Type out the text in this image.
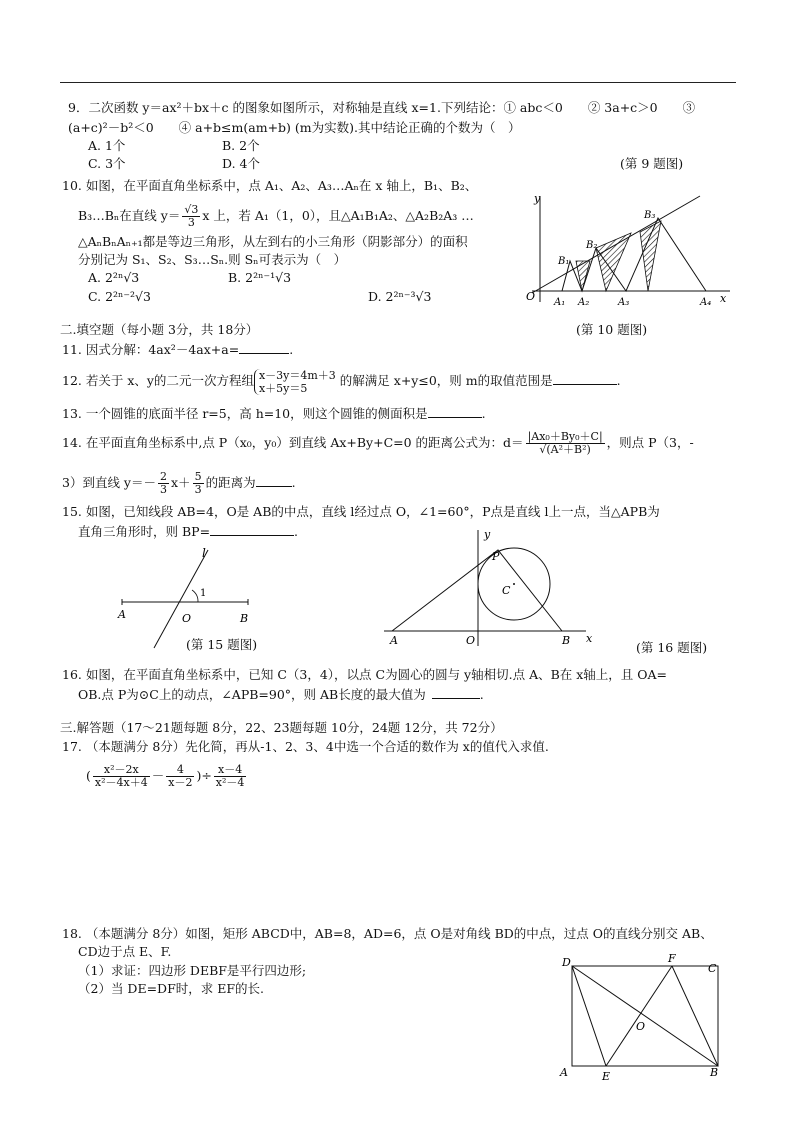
9．二次函数 y＝ax²＋bx＋c 的图象如图所示，对称轴是直线 x=1.下列结论：① abc＜0　　② 3a+c＞0　　③
(a+c)²－b²＜0　　④ a+b≤m(am+b) (m为实数).其中结论正确的个数为（　）
A. 1个	B. 2个
C. 3个	D. 4个	(第 9 题图)
10. 如图，在平面直角坐标系中，点 A₁、A₂、A₃…Aₙ在 x 轴上，B₁、B₂、
B₃…Bₙ在直线 $y= \frac{√3}{3}$ x 上，若 A₁（1，0），且△A₁B₁A₂、△A₂B₂A₃ …
△AₙBₙAₙ₊₁都是等边三角形，从左到右的小三角形（阴影部分）的面积
分别记为 S₁、S₂、S₃…Sₙ.则 Sₙ可表示为（　）
A. 2²ⁿ√3	B. 2²ⁿ⁻¹√3
C. 2²ⁿ⁻²√3	D. 2²ⁿ⁻³√3
(第 10 题图)
y
x
O A₁ A₂	A₃	A₄
B₁
B₂
B₃
二.填空题（每小题 3分，共 18分）
11. 因式分解：4ax²－4ax+a=	.
12. 若关于 x、y的二元一次方程组 x－3y＝4m＋3
x＋5y＝5	的解满足 x+y≤0，则 m的取值范围是	.
13. 一个圆锥的底面半径 r=5，高 h=10，则这个圆锥的侧面积是	.
14. 在平面直角坐标系中,点 P（x₀，y₀）到直线 Ax+By+C=0 的距离公式为：$d= \frac{\text{|Ax₀＋By₀＋C|}}{\text{√(A²＋B²)}}$ ，则点 P（3，-
3）到直线 $y=- \frac{2}{3} x+ \frac{5}{3}$ 的距离为	.
15. 如图，已知线段 AB=4，O是 AB的中点，直线 l经过点 O，∠1=60°，P点是直线 l上一点，当△APB为
直角三角形时，则 BP=	.
l
1
A	O	B
(第 15 题图)
y
x
P
C
A	O	B	(第 16 题图)
16. 如图，在平面直角坐标系中，已知 C（3，4），以点 C为圆心的圆与 y轴相切.点 A、B在 x轴上，且 OA=
OB.点 P为⊙C上的动点，∠APB=90°，则 AB长度的最大值为	.
三.解答题（17～21题每题 8分，22、23题每题 10分，24题 12分，共 72分）
17. （本题满分 8分）先化简，再从-1、2、3、4中选一个合适的数作为 x的值代入求值.
( $\frac{\text{x²－2x}}{\text{x²－4x＋4}} - \frac{4}{x-2}$ )÷ $\frac{x-4}{\text{x²－4}}$
18. （本题满分 8分）如图，矩形 ABCD中，AB=8，AD=6，点 O是对角线 BD的中点，过点 O的直线分别交 AB、
CD边于点 E、F.
（1）求证：四边形 DEBF是平行四边形;
（2）当 DE=DF时，求 EF的长.
D	F
C
O
A	E	B
